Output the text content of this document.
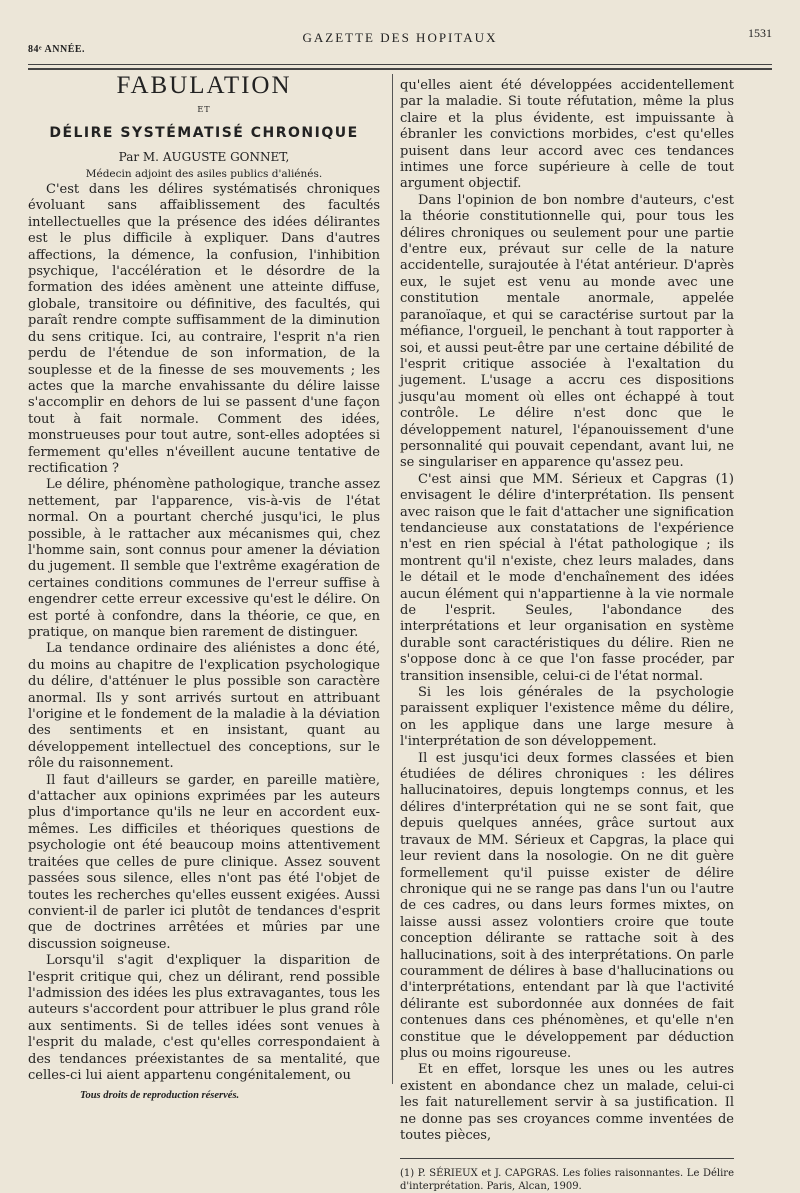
84ᵉ ANNÉE.
GAZETTE DES HOPITAUX	1531
FABULATION
ET
DÉLIRE SYSTÉMATISÉ CHRONIQUE

Par M. AUGUSTE GONNET,

Médecin adjoint des asiles publics d'aliénés.

C'est dans les délires systématisés chroniques évoluant sans affaiblissement des facultés intellectuelles que la présence des idées délirantes est le plus difficile à expliquer. Dans d'autres affections, la démence, la confusion, l'inhibition psychique, l'accélération et le désordre de la formation des idées amènent une atteinte diffuse, globale, transitoire ou définitive, des facultés, qui paraît rendre compte suffisamment de la diminution du sens critique. Ici, au contraire, l'esprit n'a rien perdu de l'étendue de son information, de la souplesse et de la finesse de ses mouvements ; les actes que la marche envahissante du délire laisse s'accomplir en dehors de lui se passent d'une façon tout à fait normale. Comment des idées, monstrueuses pour tout autre, sont-elles adoptées si fermement qu'elles n'éveillent aucune tentative de rectification ?

Le délire, phénomène pathologique, tranche assez nettement, par l'apparence, vis-à-vis de l'état normal. On a pourtant cherché jusqu'ici, le plus possible, à le rattacher aux mécanismes qui, chez l'homme sain, sont connus pour amener la déviation du jugement. Il semble que l'extrême exagération de certaines conditions communes de l'erreur suffise à engendrer cette erreur excessive qu'est le délire. On est porté à confondre, dans la théorie, ce que, en pratique, on manque bien rarement de distinguer.

La tendance ordinaire des aliénistes a donc été, du moins au chapitre de l'explication psychologique du délire, d'atténuer le plus possible son caractère anormal. Ils y sont arrivés surtout en attribuant l'origine et le fondement de la maladie à la déviation des sentiments et en insistant, quant au développement intellectuel des conceptions, sur le rôle du raisonnement.

Il faut d'ailleurs se garder, en pareille matière, d'attacher aux opinions exprimées par les auteurs plus d'importance qu'ils ne leur en accordent eux-mêmes. Les difficiles et théoriques questions de psychologie ont été beaucoup moins attentivement traitées que celles de pure clinique. Assez souvent passées sous silence, elles n'ont pas été l'objet de toutes les recherches qu'elles eussent exigées. Aussi convient-il de parler ici plutôt de tendances d'esprit que de doctrines arrêtées et mûries par une discussion soigneuse.

Lorsqu'il s'agit d'expliquer la disparition de l'esprit critique qui, chez un délirant, rend possible l'admission des idées les plus extravagantes, tous les auteurs s'accordent pour attribuer le plus grand rôle aux sentiments. Si de telles idées sont venues à l'esprit du malade, c'est qu'elles correspondaient à des tendances préexistantes de sa mentalité, que celles-ci lui aient appartenu congénitalement, ou

qu'elles aient été développées accidentellement par la maladie. Si toute réfutation, même la plus claire et la plus évidente, est impuissante à ébranler les convictions morbides, c'est qu'elles puisent dans leur accord avec ces tendances intimes une force supérieure à celle de tout argument objectif.

Dans l'opinion de bon nombre d'auteurs, c'est la théorie constitutionnelle qui, pour tous les délires chroniques ou seulement pour une partie d'entre eux, prévaut sur celle de la nature accidentelle, surajoutée à l'état antérieur. D'après eux, le sujet est venu au monde avec une constitution mentale anormale, appelée paranoïaque, et qui se caractérise surtout par la méfiance, l'orgueil, le penchant à tout rapporter à soi, et aussi peut-être par une certaine débilité de l'esprit critique associée à l'exaltation du jugement. L'usage a accru ces dispositions jusqu'au moment où elles ont échappé à tout contrôle. Le délire n'est donc que le développement naturel, l'épanouissement d'une personnalité qui pouvait cependant, avant lui, ne se singulariser en apparence qu'assez peu.

C'est ainsi que MM. Sérieux et Capgras (1) envisagent le délire d'interprétation. Ils pensent avec raison que le fait d'attacher une signification tendancieuse aux constatations de l'expérience n'est en rien spécial à l'état pathologique ; ils montrent qu'il n'existe, chez leurs malades, dans le détail et le mode d'enchaînement des idées aucun élément qui n'appartienne à la vie normale de l'esprit. Seules, l'abondance des interprétations et leur organisation en système durable sont caractéristiques du délire. Rien ne s'oppose donc à ce que l'on fasse procéder, par transition insensible, celui-ci de l'état normal.

Si les lois générales de la psychologie paraissent expliquer l'existence même du délire, on les applique dans une large mesure à l'interprétation de son développement.

Il est jusqu'ici deux formes classées et bien étudiées de délires chroniques : les délires hallucinatoires, depuis longtemps connus, et les délires d'interprétation qui ne se sont fait, que depuis quelques années, grâce surtout aux travaux de MM. Sérieux et Capgras, la place qui leur revient dans la nosologie. On ne dit guère formellement qu'il puisse exister de délire chronique qui ne se range pas dans l'un ou l'autre de ces cadres, ou dans leurs formes mixtes, on laisse aussi assez volontiers croire que toute conception délirante se rattache soit à des hallucinations, soit à des interprétations. On parle couramment de délires à base d'hallucinations ou d'interprétations, entendant par là que l'activité délirante est subordonnée aux données de fait contenues dans ces phénomènes, et qu'elle n'en constitue que le développement par déduction plus ou moins rigoureuse.

Et en effet, lorsque les unes ou les autres existent en abondance chez un malade, celui-ci les fait naturellement servir à sa justification. Il ne donne pas ses croyances comme inventées de toutes pièces,

(1) P. SÉRIEUX et J. CAPGRAS. Les folies raisonnantes. Le Délire d'interprétation. Paris, Alcan, 1909.

Tous droits de reproduction réservés.
